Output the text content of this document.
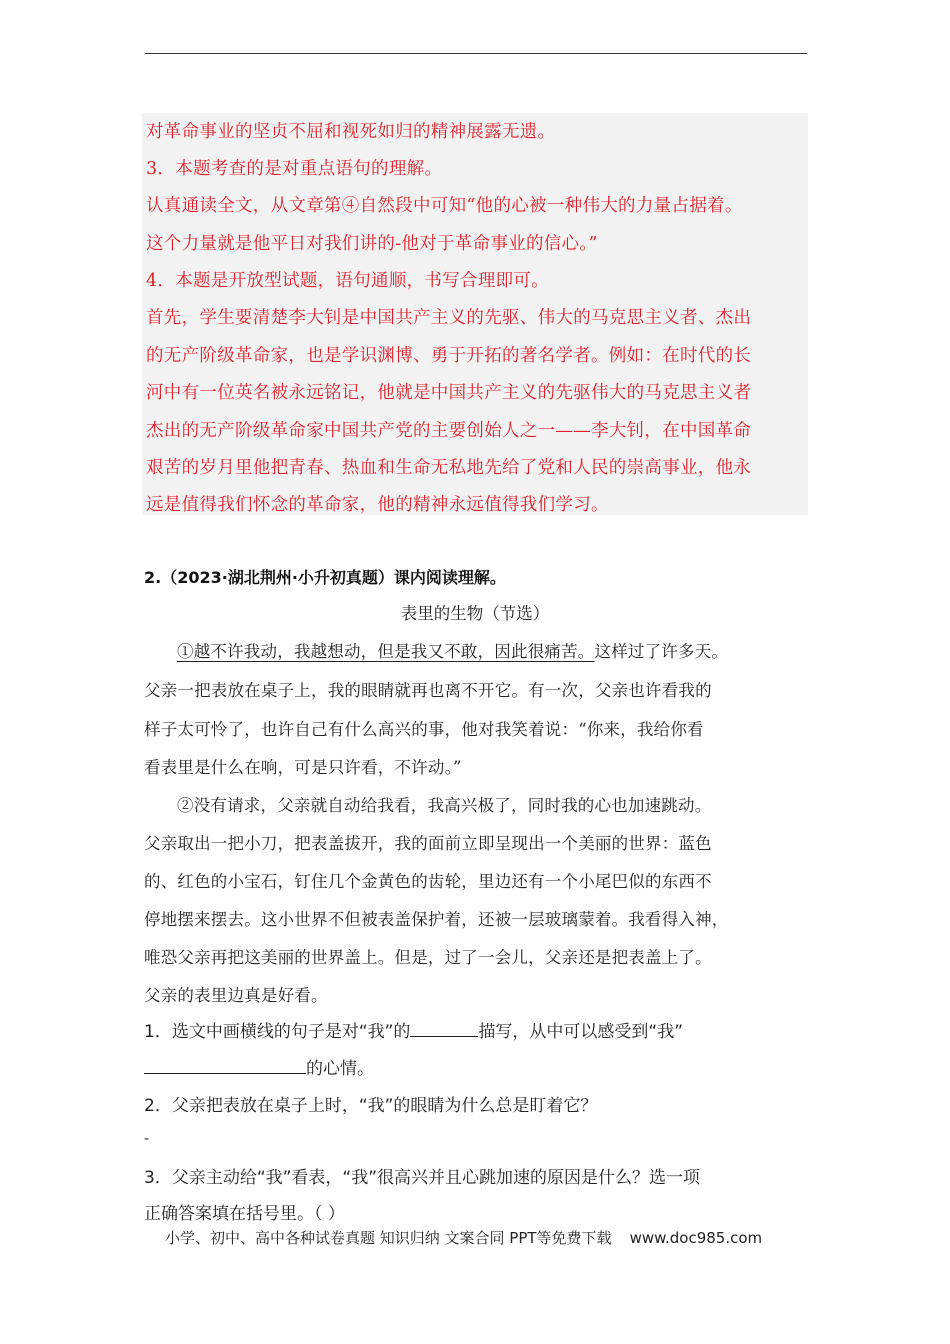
对革命事业的坚贞不屈和视死如归的精神展露无遗。
3．本题考查的是对重点语句的理解。
认真通读全文，从文章第④自然段中可知“他的心被一种伟大的力量占据着。
这个力量就是他平日对我们讲的-他对于革命事业的信心。”
4．本题是开放型试题，语句通顺，书写合理即可。
首先，学生要清楚李大钊是中国共产主义的先驱、伟大的马克思主义者、杰出
的无产阶级革命家，也是学识渊博、勇于开拓的著名学者。例如：在时代的长
河中有一位英名被永远铭记，他就是中国共产主义的先驱伟大的马克思主义者
杰出的无产阶级革命家中国共产党的主要创始人之一——李大钊，在中国革命
艰苦的岁月里他把青春、热血和生命无私地先给了党和人民的崇高事业，他永
远是值得我们怀念的革命家，他的精神永远值得我们学习。
2.（2023·湖北荆州·小升初真题）课内阅读理解。
表里的生物（节选）
①越不许我动，我越想动，但是我又不敢，因此很痛苦。这样过了许多天。
父亲一把表放在桌子上，我的眼睛就再也离不开它。有一次，父亲也许看我的
样子太可怜了，也许自己有什么高兴的事，他对我笑着说：“你来，我给你看
看表里是什么在响，可是只许看，不许动。”
②没有请求，父亲就自动给我看，我高兴极了，同时我的心也加速跳动。
父亲取出一把小刀，把表盖拔开，我的面前立即呈现出一个美丽的世界：蓝色
的、红色的小宝石，钉住几个金黄色的齿轮，里边还有一个小尾巴似的东西不
停地摆来摆去。这小世界不但被表盖保护着，还被一层玻璃蒙着。我看得入神，
唯恐父亲再把这美丽的世界盖上。但是，过了一会儿，父亲还是把表盖上了。
父亲的表里边真是好看。
1．选文中画横线的句子是对“我”的	描写，从中可以感受到“我”
的心情。
2．父亲把表放在桌子上时，“我”的眼睛为什么总是盯着它？
-
3．父亲主动给“我”看表，“我”很高兴并且心跳加速的原因是什么？选一项
正确答案填在括号里。（ ）
小学、初中、高中各种试卷真题 知识归纳 文案合同 PPT等免费下载 www.doc985.com
